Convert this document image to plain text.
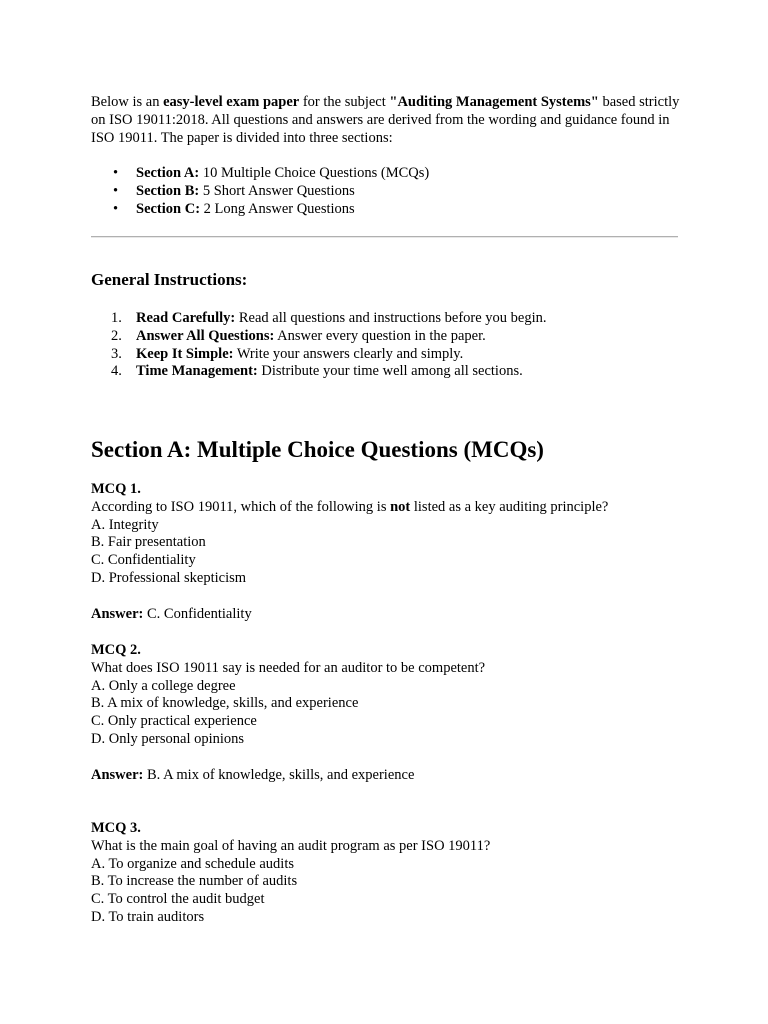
Below is an easy-level exam paper for the subject "Auditing Management Systems" based strictly on ISO 19011:2018. All questions and answers are derived from the wording and guidance found in ISO 19011. The paper is divided into three sections:
• Section A: 10 Multiple Choice Questions (MCQs)
• Section B: 5 Short Answer Questions
• Section C: 2 Long Answer Questions
General Instructions:
1. Read Carefully: Read all questions and instructions before you begin.
2. Answer All Questions: Answer every question in the paper.
3. Keep It Simple: Write your answers clearly and simply.
4. Time Management: Distribute your time well among all sections.
Section A: Multiple Choice Questions (MCQs)
MCQ 1.
According to ISO 19011, which of the following is not listed as a key auditing principle?
A. Integrity
B. Fair presentation
C. Confidentiality
D. Professional skepticism
Answer: C. Confidentiality
MCQ 2.
What does ISO 19011 say is needed for an auditor to be competent?
A. Only a college degree
B. A mix of knowledge, skills, and experience
C. Only practical experience
D. Only personal opinions
Answer: B. A mix of knowledge, skills, and experience
MCQ 3.
What is the main goal of having an audit program as per ISO 19011?
A. To organize and schedule audits
B. To increase the number of audits
C. To control the audit budget
D. To train auditors
